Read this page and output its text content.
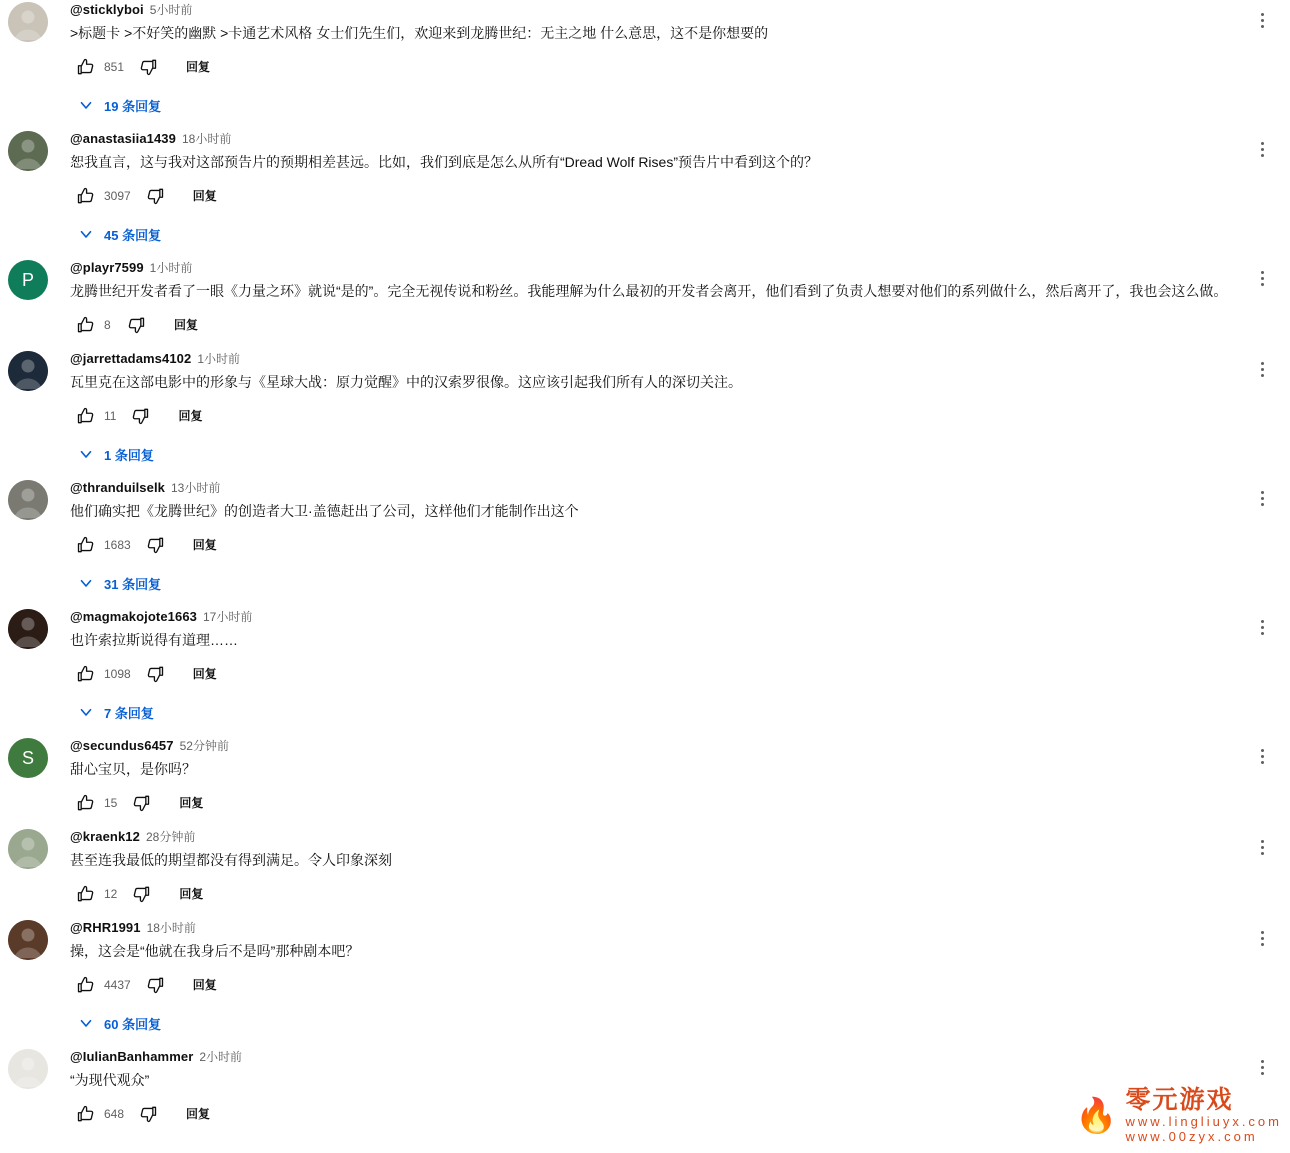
@sticklyboi 5小时前
>标题卡 >不好笑的幽默 >卡通艺术风格 女士们先生们，欢迎来到龙腾世纪：无主之地 什么意思，这不是你想要的
851	回复
19 条回复
@anastasiia1439 18小时前
恕我直言，这与我对这部预告片的预期相差甚远。比如，我们到底是怎么从所有“Dread Wolf Rises”预告片中看到这个的？
3097	回复
45 条回复
P
@playr7599 1小时前
龙腾世纪开发者看了一眼《力量之环》就说“是的”。完全无视传说和粉丝。我能理解为什么最初的开发者会离开，他们看到了负责人想要对他们的系列做什么，然后离开了，我也会这么做。
8	回复
@jarrettadams4102 1小时前
瓦里克在这部电影中的形象与《星球大战：原力觉醒》中的汉索罗很像。这应该引起我们所有人的深切关注。
11	回复
1 条回复
@thranduilselk 13小时前
他们确实把《龙腾世纪》的创造者大卫·盖德赶出了公司，这样他们才能制作出这个
1683	回复
31 条回复
@magmakojote1663 17小时前
也许索拉斯说得有道理……
1098	回复
7 条回复
S
@secundus6457 52分钟前
甜心宝贝，是你吗？
15	回复
@kraenk12 28分钟前
甚至连我最低的期望都没有得到满足。令人印象深刻
12	回复
@RHR1991 18小时前
操，这会是“他就在我身后不是吗”那种剧本吧？
4437	回复
60 条回复
@IulianBanhammer 2小时前
“为现代观众”
648	回复	🔥 零元游戏
www.lingliuyx.com
www.00zyx.com
